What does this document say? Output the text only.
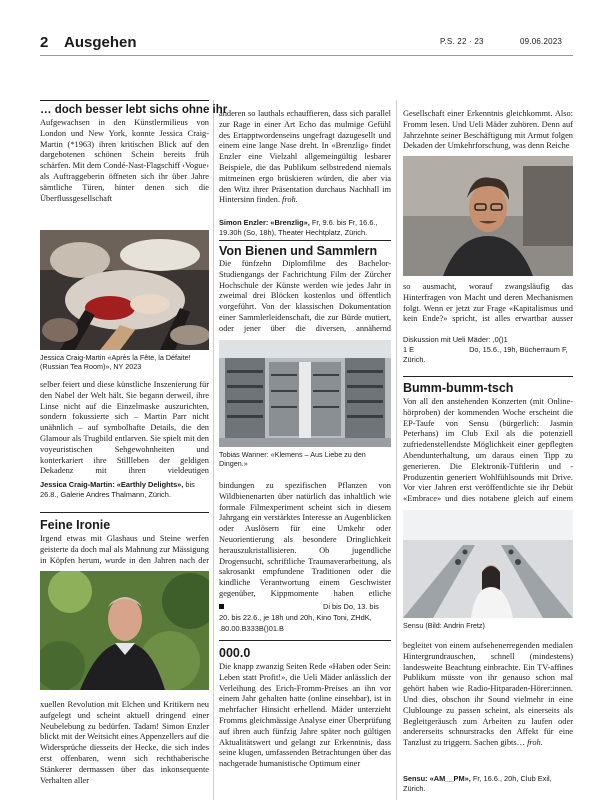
2 Ausgehen	P.S. 22 · 23	09.06.2023
… doch besser lebt sichs ohne ihr

Aufgewachsen in den Künstlermilieus von London und New York, konnte Jessica Craig-Martin (*1963) ihren kritischen Blick auf den dargebotenen schönen Schein bereits früh schärfen. Mit dem Condé-Nast-Flagschiff ‹Vogue› als Auftraggeberin öffneten sich ihr über Jahre sämtliche Türen, hinter denen sich die Überflussgesellschaft

Jessica Craig-Martin «Après la Fête, la Défaite! (Russian Tea Room)», NY 2023

selber feiert und diese künstliche Inszenierung für den Nabel der Welt hält. Sie begann derweil, ihre Linse nicht auf die Einzelmaske auszurichten, sondern fokussierte sich – Martin Parr nicht unähnlich – auf symbolhafte Details, die den Glamour als Trugbild entlarven. Sie spielt mit den voyeuristischen Sehgewohnheiten und konterkariert ihre Stillleben der geldigen Dekadenz mit ihren vieldeutigen

Jessica Craig-Martin: «Earthly Delights», bis 26.8., Galerie Andres Thalmann, Zürich.

Feine Ironie

Irgend etwas mit Glashaus und Steine werfen geisterte da doch mal als Mahnung zur Mässigung in Köpfen herum, wurde in den Jahren nach der

xuellen Revolution mit Elchen und Kritikern neu aufgelegt und scheint aktuell dringend einer Neubelebung zu bedürfen. Tadam! Simon Enzler blickt mit der Weitsicht eines Appenzellers auf die Widersprüche diesseits der Hecke, die sich indes erst offenbaren, wenn sich rechthaberische Stänkerer dermassen über das inkonsequente Verhalten aller

anderen so lauthals echauffieren, dass sich parallel zur Rage in einer Art Echo das mulmige Gefühl des Ertapptwordenseins ungefragt dazugesellt und einem eine lange Nase dreht. In «Brenzlig» findet Enzler eine Vielzahl allgemeingültig lesbarer Beispiele, die das Publikum selbstredend niemals mitmeinen ergo brüskieren würden, die aber via den Witz ihrer Präsentation durchaus Nachhall im Hintersinn finden. froh.

Simon Enzler: «Brenzlig», Fr, 9.6. bis Fr, 16.6., 19.30h (So, 18h), Theater Hechtplatz, Zürich.

Von Bienen und Sammlern

Die fünfzehn Diplomfilme des Bachelor-Studiengangs der Fachrichtung Film der Zürcher Hochschule der Künste werden wie jedes Jahr in zweimal drei Blöcken kostenlos und öffentlich vorgeführt. Von der klassischen Dokumentation einer Sammlerleidenschaft, die zur Bürde mutiert, oder jener über die diversen, annähernd

Tobias Wanner: «Klemens – Aus Liebe zu den Dingen.»

bindungen zu spezifischen Pflanzen von Wildbienenarten über natürlich das inhaltlich wie formale Filmexperiment scheint sich in diesem Jahrgang ein verstärktes Interesse an Augenblicken oder Auslösern für eine Umkehr oder Neuorientierung als besondere Dringlichkeit herauszukristallisieren. Ob jugendliche Drogensucht, schriftliche Traumaverarbeitung, als sakrosankt empfundene Traditionen oder die kindliche Verantwortung einem Geschwister gegenüber, Kippmomente haben etliche

Di bis Do, 13. bis

20. bis 22.6., je 18h und 20h, Kino Toni, ZHdK,

.80.00.B333B()01.B

000.0

Die knapp zwanzig Seiten Rede «Haben oder Sein: Leben statt Profit!», die Ueli Mäder anlässlich der Verleihung des Erich-Fromm-Preises an ihn vor einem Jahr gehalten hatte (online einsehbar), ist in mehrfacher Hinsicht erhellend. Mäder unterzieht Fromms gleichmässige Analyse einer Überprüfung auf ihren auch fünfzig Jahre später noch gültigen Aktualitätswert und gelangt zur Erkenntnis, dass seine klugen, umfassenden Betrachtungen über das nachgerade humanistische Optimum einer

Gesellschaft einer Erkenntnis gleichkommt. Also: Fromm lesen. Und Ueli Mäder zuhören. Denn auf Jahrzehnte seiner Beschäftigung mit Armut folgen Dekaden der Umkehrforschung, was denn Reiche

so ausmacht, worauf zwangsläufig das Hinterfragen von Macht und deren Mechanismen folgt. Wenn er jetzt zur Frage «Kapitalismus und kein Ende?» spricht, ist alles erwartbar ausser

Diskussion mit Ueli Mäder: ,0()1

1 E	Do, 15.6., 19h, Bücherraum F,

Zürich.

Bumm-bumm-tsch

Von all den anstehenden Konzerten (mit Online-hörproben) der kommenden Woche erscheint die EP-Taufe von Sensu (bürgerlich: Jasmin Peterhans) im Club Exil als die potenziell zufriedenstellendste Möglichkeit einer gepflegten Abendunterhaltung, um daraus einen Tipp zu generieren. Die Elektronik-Tüftlerin und -Produzentin generiert Wohlfühlsounds mit Drive. Vor vier Jahren erst veröffentlichte sie ihr Debüt «Embrace» und dies notabene gleich auf einem

Sensu (Bild: Andrin Fretz)

begleitet von einem aufsehenerregenden medialen Hintergrundrauschen, schnell (mindestens) landesweite Beachtung einbrachte. Ein TV-affines Publikum müsste von ihr genauso schon mal gehört haben wie Radio-Hitparaden-Hörer:innen. Und dies, obschon ihr Sound vielmehr in eine Clublounge zu passen scheint, als einerseits als Begleitgeräusch zum Arbeiten zu laufen oder andererseits schnurstracks den Affekt für eine Tanzlust zu triggern. Sachen gibts… froh.

Sensu: «AM__PM», Fr, 16.6., 20h, Club Exil, Zürich.
